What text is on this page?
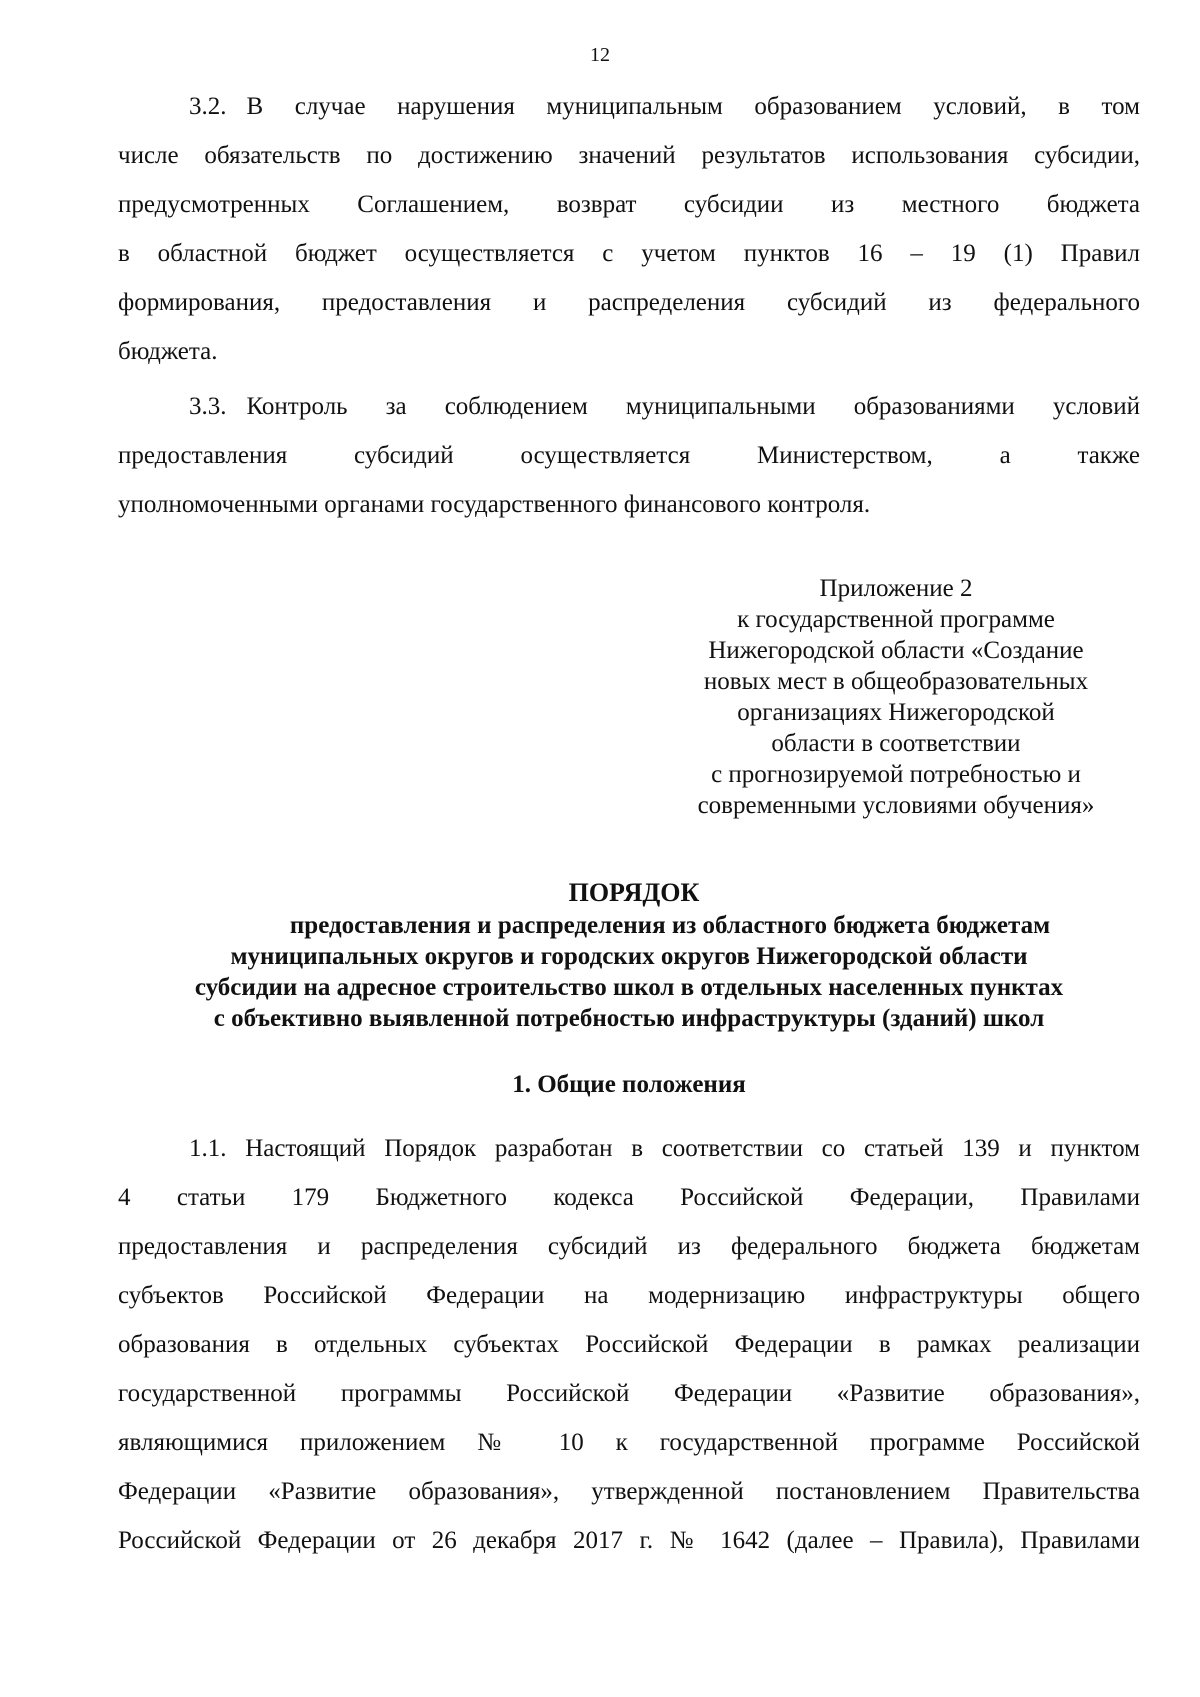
12
3.2. В случае нарушения муниципальным образованием условий, в том
числе обязательств по достижению значений результатов использования субсидии,
предусмотренных Соглашением, возврат субсидии из местного бюджета
в областной бюджет осуществляется с учетом пунктов 16 – 19 (1) Правил
формирования, предоставления и распределения субсидий из федерального
бюджета.
3.3. Контроль за соблюдением муниципальными образованиями условий
предоставления субсидий осуществляется Министерством, а также
уполномоченными органами государственного финансового контроля.
Приложение 2
к государственной программе
Нижегородской области «Создание
новых мест в общеобразовательных
организациях Нижегородской
области в соответствии
с прогнозируемой потребностью и
современными условиями обучения»
ПОРЯДОК
предоставления и распределения из областного бюджета бюджетам
муниципальных округов и городских округов Нижегородской области
субсидии на адресное строительство школ в отдельных населенных пунктах
с объективно выявленной потребностью инфраструктуры (зданий) школ
1. Общие положения
1.1. Настоящий Порядок разработан в соответствии со статьей 139 и пунктом
4 статьи 179 Бюджетного кодекса Российской Федерации, Правилами
предоставления и распределения субсидий из федерального бюджета бюджетам
субъектов Российской Федерации на модернизацию инфраструктуры общего
образования в отдельных субъектах Российской Федерации в рамках реализации
государственной программы Российской Федерации «Развитие образования»,
являющимися приложением № 10 к государственной программе Российской
Федерации «Развитие образования», утвержденной постановлением Правительства
Российской Федерации от 26 декабря 2017 г. № 1642 (далее – Правила), Правилами
